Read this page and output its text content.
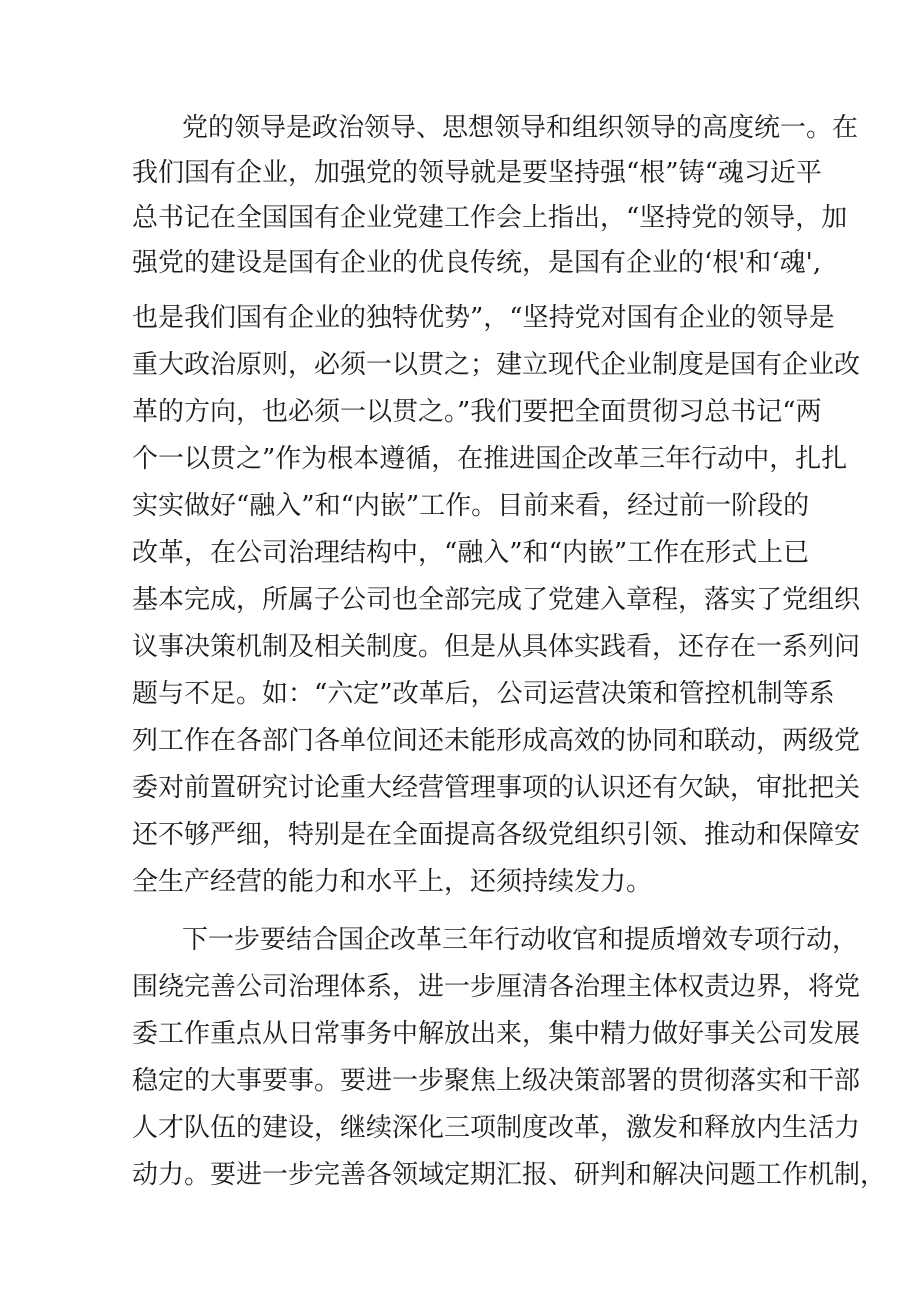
党的领导是政治领导、思想领导和组织领导的高度统一。在
我们国有企业，加强党的领导就是要坚持强“根”铸“魂习近平
总书记在全国国有企业党建工作会上指出，“坚持党的领导，加
强党的建设是国有企业的优良传统，是国有企业的‘根'和‘魂',
也是我们国有企业的独特优势”，“坚持党对国有企业的领导是
重大政治原则，必须一以贯之；建立现代企业制度是国有企业改
革的方向，也必须一以贯之。”我们要把全面贯彻习总书记“两
个一以贯之”作为根本遵循，在推进国企改革三年行动中，扎扎
实实做好“融入”和“内嵌”工作。目前来看，经过前一阶段的
改革，在公司治理结构中，“融入”和“内嵌”工作在形式上已
基本完成，所属子公司也全部完成了党建入章程，落实了党组织
议事决策机制及相关制度。但是从具体实践看，还存在一系列问
题与不足。如：“六定”改革后，公司运营决策和管控机制等系
列工作在各部门各单位间还未能形成高效的协同和联动，两级党
委对前置研究讨论重大经营管理事项的认识还有欠缺，审批把关
还不够严细，特别是在全面提高各级党组织引领、推动和保障安
全生产经营的能力和水平上，还须持续发力。
下一步要结合国企改革三年行动收官和提质增效专项行动，
围绕完善公司治理体系，进一步厘清各治理主体权责边界，将党
委工作重点从日常事务中解放出来，集中精力做好事关公司发展
稳定的大事要事。要进一步聚焦上级决策部署的贯彻落实和干部
人才队伍的建设，继续深化三项制度改革，激发和释放内生活力
动力。要进一步完善各领域定期汇报、研判和解决问题工作机制，
